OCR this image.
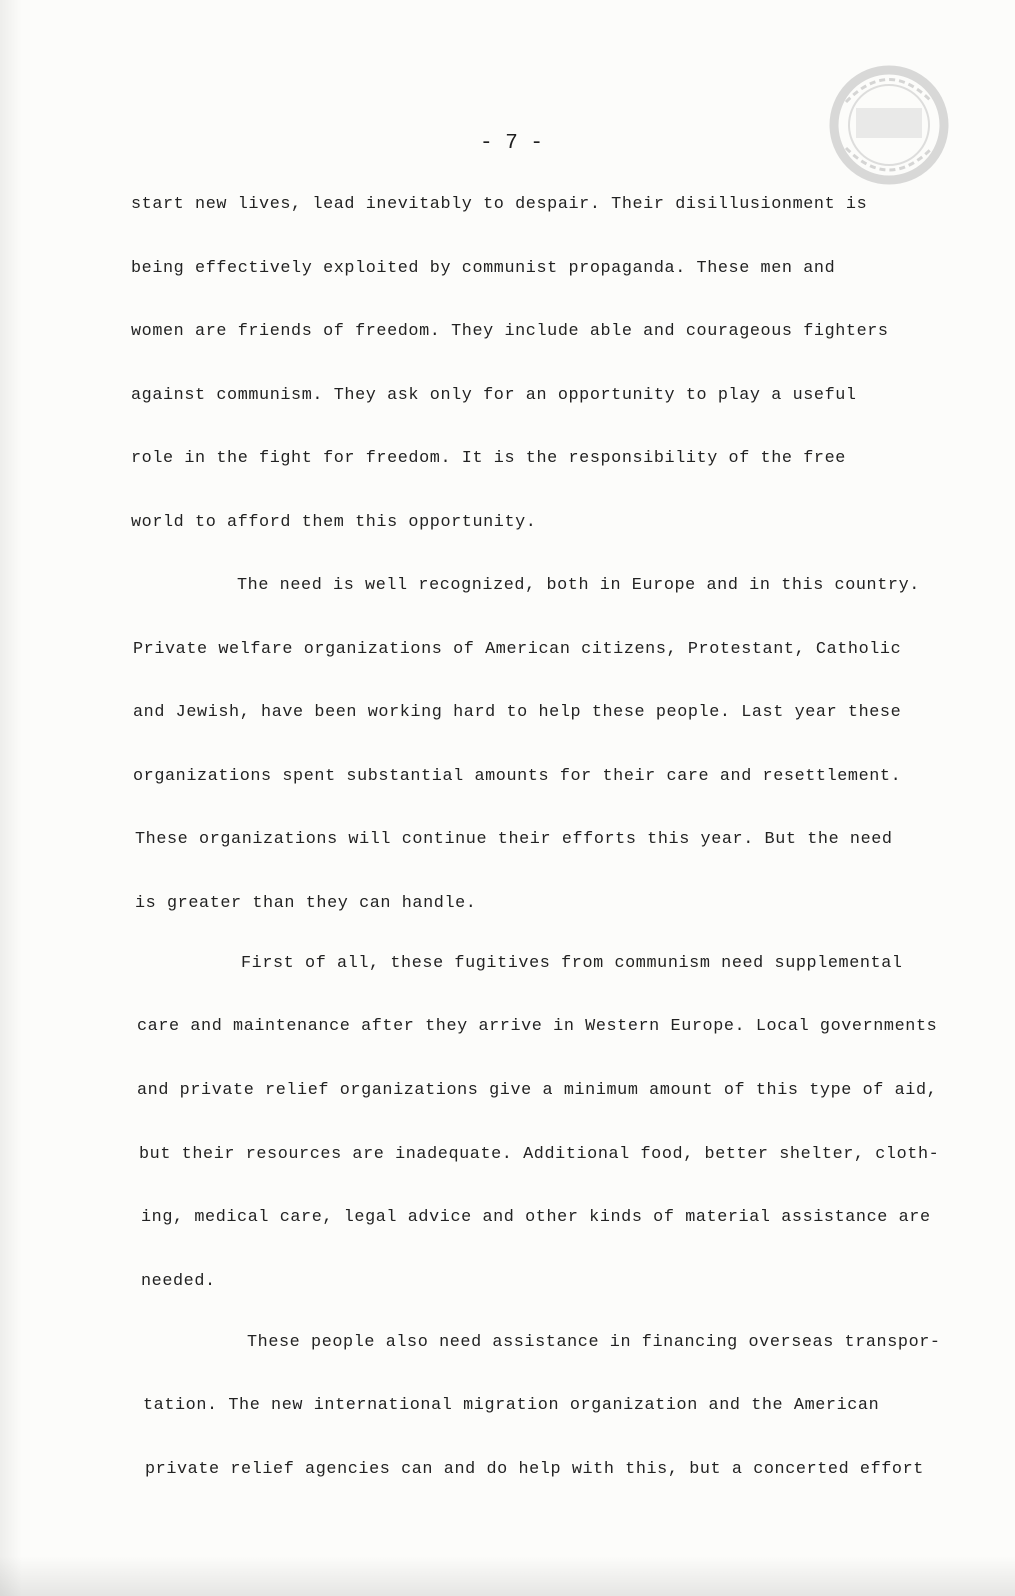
- 7 -
start new lives, lead inevitably to despair. Their disillusionment is
being effectively exploited by communist propaganda. These men and
women are friends of freedom. They include able and courageous fighters
against communism. They ask only for an opportunity to play a useful
role in the fight for freedom. It is the responsibility of the free
world to afford them this opportunity.
The need is well recognized, both in Europe and in this country.
Private welfare organizations of American citizens, Protestant, Catholic
and Jewish, have been working hard to help these people. Last year these
organizations spent substantial amounts for their care and resettlement.
These organizations will continue their efforts this year. But the need
is greater than they can handle.
First of all, these fugitives from communism need supplemental
care and maintenance after they arrive in Western Europe. Local governments
and private relief organizations give a minimum amount of this type of aid,
but their resources are inadequate. Additional food, better shelter, cloth-
ing, medical care, legal advice and other kinds of material assistance are
needed.
These people also need assistance in financing overseas transpor-
tation. The new international migration organization and the American
private relief agencies can and do help with this, but a concerted effort
